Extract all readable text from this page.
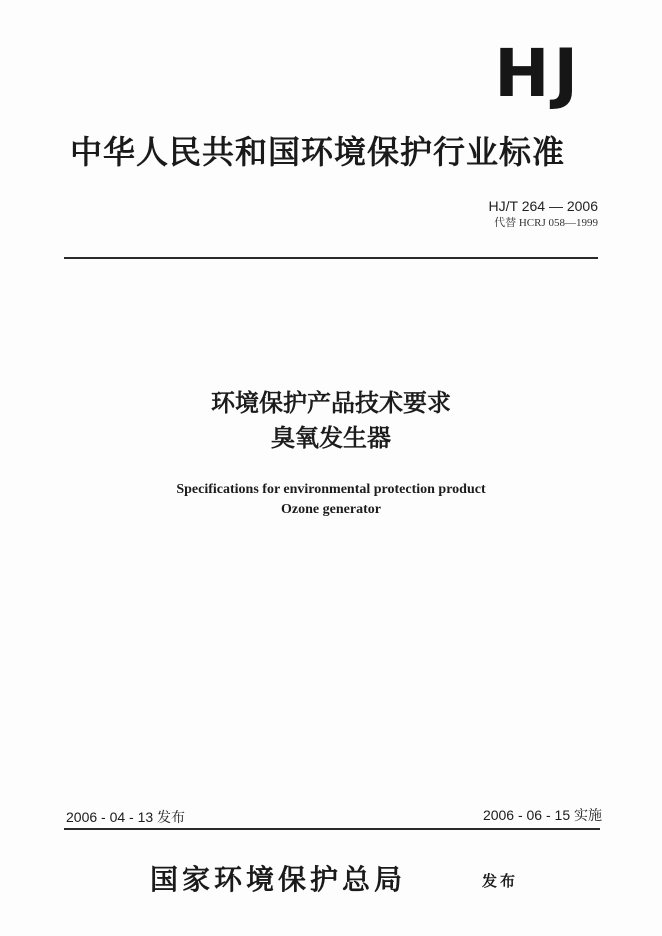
HJ
中华人民共和国环境保护行业标准
HJ/T 264 — 2006
代替 HCRJ 058—1999
环境保护产品技术要求
臭氧发生器
Specifications for environmental protection product
Ozone generator
2006 - 04 - 13 发布	2006 - 06 - 15 实施
国家环境保护总局	发布
